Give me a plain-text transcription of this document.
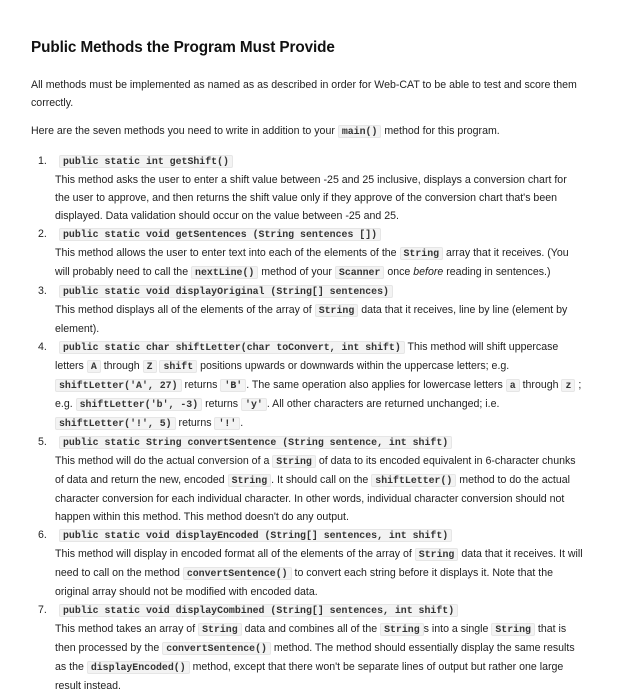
Public Methods the Program Must Provide

All methods must be implemented as named as as described in order for Web-CAT to be able to test and score them correctly.

Here are the seven methods you need to write in addition to your main() method for this program.

1. public static int getShift()
This method asks the user to enter a shift value between -25 and 25 inclusive, displays a conversion chart for the user to approve, and then returns the shift value only if they approve of the conversion chart that's been displayed. Data validation should occur on the value between -25 and 25.
2. public static void getSentences (String sentences [])
This method allows the user to enter text into each of the elements of the String array that it receives. (You will probably need to call the nextLine() method of your Scanner once before reading in sentences.)
3. public static void displayOriginal (String[] sentences)
This method displays all of the elements of the array of String data that it receives, line by line (element by element).
4. public static char shiftLetter(char toConvert, int shift) This method will shift uppercase letters A through Z shift positions upwards or downwards within the uppercase letters; e.g. shiftLetter('A', 27) returns 'B' . The same operation also applies for lowercase letters a through z ; e.g. shiftLetter('b', -3) returns 'y' . All other characters are returned unchanged; i.e. shiftLetter('!', 5) returns '!' .
5. public static String convertSentence (String sentence, int shift)
This method will do the actual conversion of a String of data to its encoded equivalent in 6-character chunks of data and return the new, encoded String . It should call on the shiftLetter() method to do the actual character conversion for each individual character. In other words, individual character conversion should not happen within this method. This method doesn't do any output.
6. public static void displayEncoded (String[] sentences, int shift)
This method will display in encoded format all of the elements of the array of String data that it receives. It will need to call on the method convertSentence() to convert each string before it displays it. Note that the original array should not be modified with encoded data.
7. public static void displayCombined (String[] sentences, int shift)
This method takes an array of String data and combines all of the String s into a single String that is then processed by the convertSentence() method. The method should essentially display the same results as the displayEncoded() method, except that there won't be separate lines of output but rather one large result instead.
